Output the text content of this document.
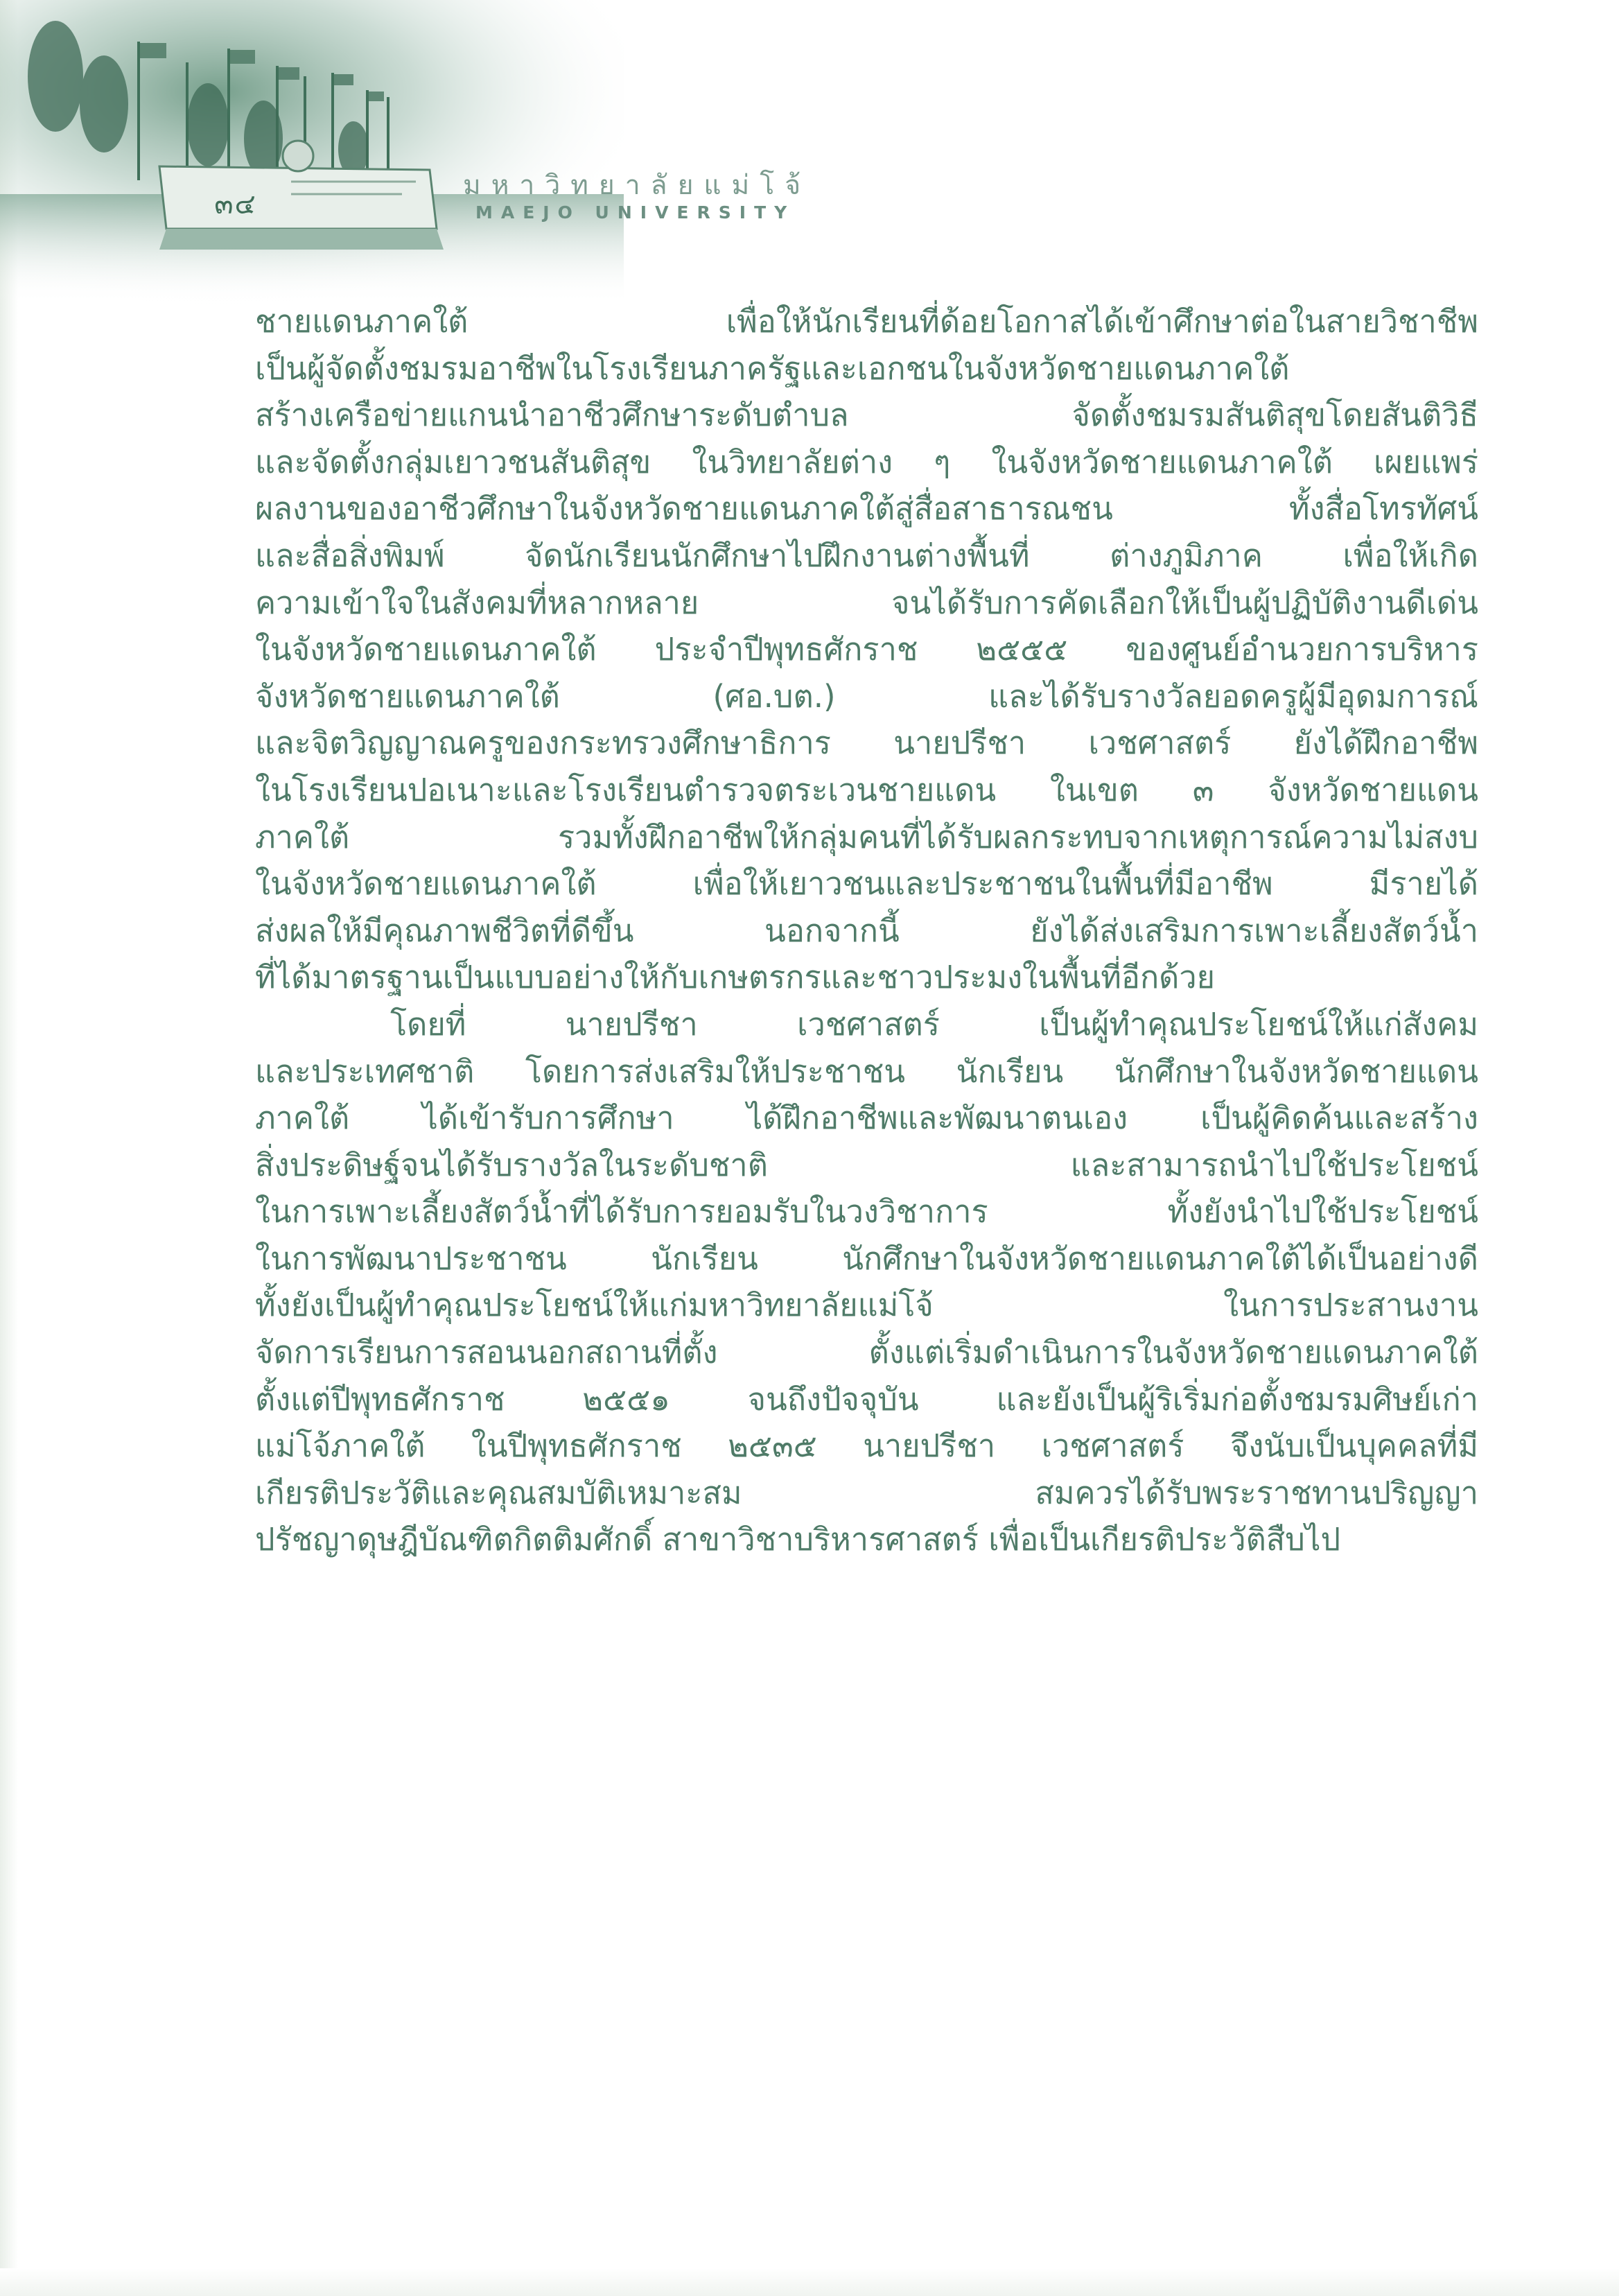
๓๔
มหาวิทยาลัยแม่โจ้
MAEJO UNIVERSITY
ชายแดนภาคใต้ เพื่อให้นักเรียนที่ด้อยโอกาสได้เข้าศึกษาต่อในสายวิชาชีพ
เป็นผู้จัดตั้งชมรมอาชีพในโรงเรียนภาครัฐและเอกชนในจังหวัดชายแดนภาคใต้
สร้างเครือข่ายแกนนำอาชีวศึกษาระดับตำบล จัดตั้งชมรมสันติสุขโดยสันติวิธี
และจัดตั้งกลุ่มเยาวชนสันติสุข ในวิทยาลัยต่าง ๆ ในจังหวัดชายแดนภาคใต้ เผยแพร่
ผลงานของอาชีวศึกษาในจังหวัดชายแดนภาคใต้สู่สื่อสาธารณชน ทั้งสื่อโทรทัศน์
และสื่อสิ่งพิมพ์ จัดนักเรียนนักศึกษาไปฝึกงานต่างพื้นที่ ต่างภูมิภาค เพื่อให้เกิด
ความเข้าใจในสังคมที่หลากหลาย จนได้รับการคัดเลือกให้เป็นผู้ปฏิบัติงานดีเด่น
ในจังหวัดชายแดนภาคใต้ ประจำปีพุทธศักราช ๒๕๕๕ ของศูนย์อำนวยการบริหาร
จังหวัดชายแดนภาคใต้ (ศอ.บต.) และได้รับรางวัลยอดครูผู้มีอุดมการณ์
และจิตวิญญาณครูของกระทรวงศึกษาธิการ นายปรีชา เวชศาสตร์ ยังได้ฝึกอาชีพ
ในโรงเรียนปอเนาะและโรงเรียนตำรวจตระเวนชายแดน ในเขต ๓ จังหวัดชายแดน
ภาคใต้ รวมทั้งฝึกอาชีพให้กลุ่มคนที่ได้รับผลกระทบจากเหตุการณ์ความไม่สงบ
ในจังหวัดชายแดนภาคใต้ เพื่อให้เยาวชนและประชาชนในพื้นที่มีอาชีพ มีรายได้
ส่งผลให้มีคุณภาพชีวิตที่ดีขึ้น นอกจากนี้ ยังได้ส่งเสริมการเพาะเลี้ยงสัตว์น้ำ
ที่ได้มาตรฐานเป็นแบบอย่างให้กับเกษตรกรและชาวประมงในพื้นที่อีกด้วย
โดยที่ นายปรีชา เวชศาสตร์ เป็นผู้ทำคุณประโยชน์ให้แก่สังคม
และประเทศชาติ โดยการส่งเสริมให้ประชาชน นักเรียน นักศึกษาในจังหวัดชายแดน
ภาคใต้ ได้เข้ารับการศึกษา ได้ฝึกอาชีพและพัฒนาตนเอง เป็นผู้คิดค้นและสร้าง
สิ่งประดิษฐ์จนได้รับรางวัลในระดับชาติ และสามารถนำไปใช้ประโยชน์
ในการเพาะเลี้ยงสัตว์น้ำที่ได้รับการยอมรับในวงวิชาการ ทั้งยังนำไปใช้ประโยชน์
ในการพัฒนาประชาชน นักเรียน นักศึกษาในจังหวัดชายแดนภาคใต้ได้เป็นอย่างดี
ทั้งยังเป็นผู้ทำคุณประโยชน์ให้แก่มหาวิทยาลัยแม่โจ้ ในการประสานงาน
จัดการเรียนการสอนนอกสถานที่ตั้ง ตั้งแต่เริ่มดำเนินการในจังหวัดชายแดนภาคใต้
ตั้งแต่ปีพุทธศักราช ๒๕๕๑ จนถึงปัจจุบัน และยังเป็นผู้ริเริ่มก่อตั้งชมรมศิษย์เก่า
แม่โจ้ภาคใต้ ในปีพุทธศักราช ๒๕๓๕ นายปรีชา เวชศาสตร์ จึงนับเป็นบุคคลที่มี
เกียรติประวัติและคุณสมบัติเหมาะสม สมควรได้รับพระราชทานปริญญา
ปรัชญาดุษฎีบัณฑิตกิตติมศักดิ์ สาขาวิชาบริหารศาสตร์ เพื่อเป็นเกียรติประวัติสืบไป
